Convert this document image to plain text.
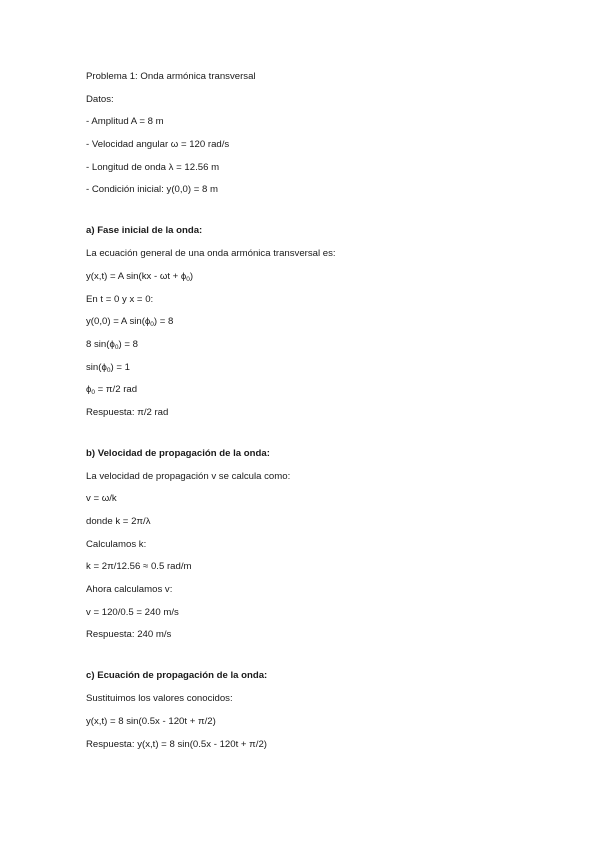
Problema 1: Onda armónica transversal
Datos:
- Amplitud A = 8 m
- Velocidad angular ω = 120 rad/s
- Longitud de onda λ = 12.56 m
- Condición inicial: y(0,0) = 8 m
a) Fase inicial de la onda:
La ecuación general de una onda armónica transversal es:
y(x,t) = A $\sin(kx - \omega t + \phi_0)$
En t = 0 y x = 0:
y(0,0) = A $\sin(\phi_0) = 8$
8 $\sin(\phi_0) = 8$
$\sin(\phi_0) = 1$
$\phi_0 = \pi/2$ rad
Respuesta: π/2 rad
b) Velocidad de propagación de la onda:
La velocidad de propagación v se calcula como:
v = ω/k
donde k = 2π/λ
Calculamos k:
k = 2π/12.56 ≈ 0.5 rad/m
Ahora calculamos v:
v = 120/0.5 = 240 m/s
Respuesta: 240 m/s
c) Ecuación de propagación de la onda:
Sustituimos los valores conocidos:
y(x,t) = 8 sin(0.5x - 120t + π/2)
Respuesta: y(x,t) = 8 sin(0.5x - 120t + π/2)
